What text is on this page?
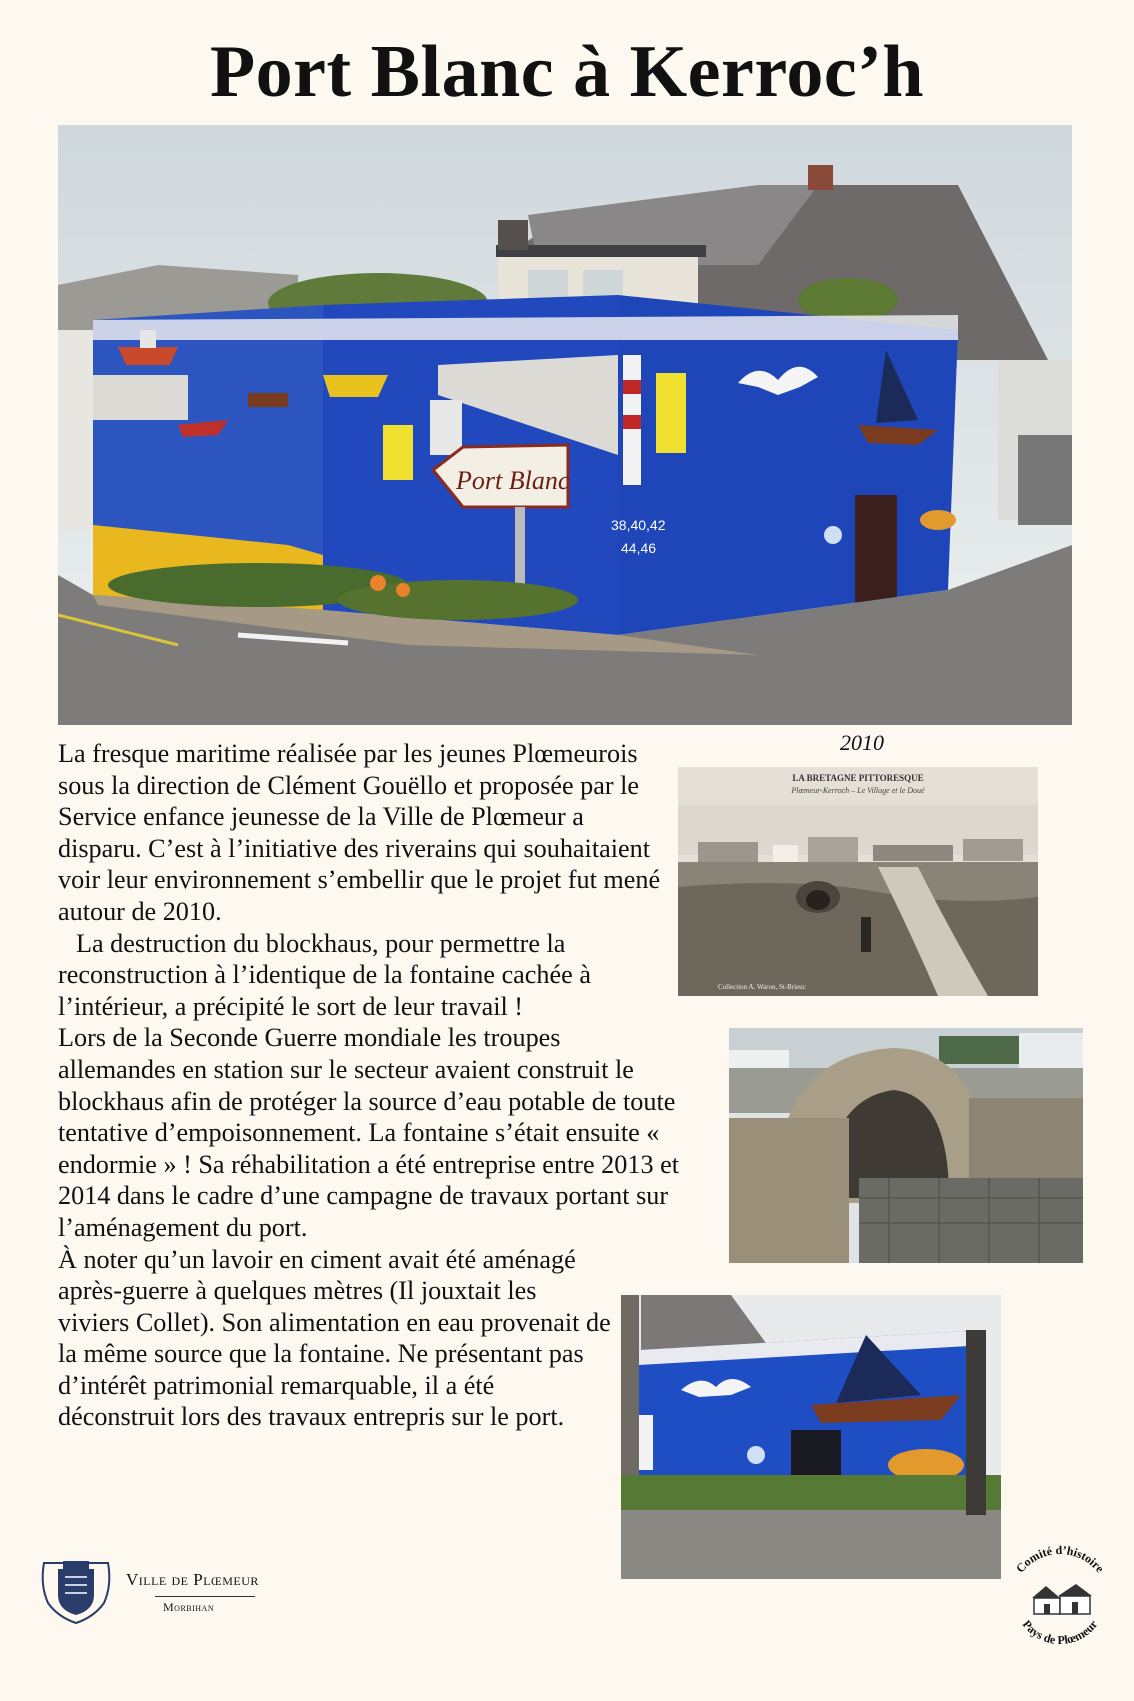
Port Blanc à Kerroc’h
Port Blanc
38,40,42
44,46
2010
LA BRETAGNE PITTORESQUE
Plœmeur-Kerroch – Le Village et le Doué
Collection A. Waron, St-Brieuc

La fresque maritime réalisée par les jeunes Plœmeurois sous la direction de Clément Gouëllo et proposée par le Service enfance jeunesse de la Ville de Plœmeur a disparu. C’est à l’initiative des riverains qui souhaitaient voir leur environnement s’embellir que le projet fut mené autour de 2010.

La destruction du blockhaus, pour permettre la reconstruction à l’identique de la fontaine cachée à l’intérieur, a précipité le sort de leur travail !

Lors de la Seconde Guerre mondiale les troupes allemandes en station sur le secteur avaient construit le blockhaus afin de protéger la source d’eau potable de toute tentative d’empoisonnement. La fontaine s’était ensuite « endormie » ! Sa réhabilitation a été entreprise entre 2013 et 2014 dans le cadre d’une campagne de travaux portant sur l’aménagement du port.

À noter qu’un lavoir en ciment avait été aménagé après-guerre à quelques mètres (Il jouxtait les viviers Collet). Son alimentation en eau provenait de la même source que la fontaine. Ne présentant pas d’intérêt patrimonial remarquable, il a été déconstruit lors des travaux entrepris sur le port.

Ville de Plœmeur
Morbihan
Comité d’histoire
Pays de Plœmeur
